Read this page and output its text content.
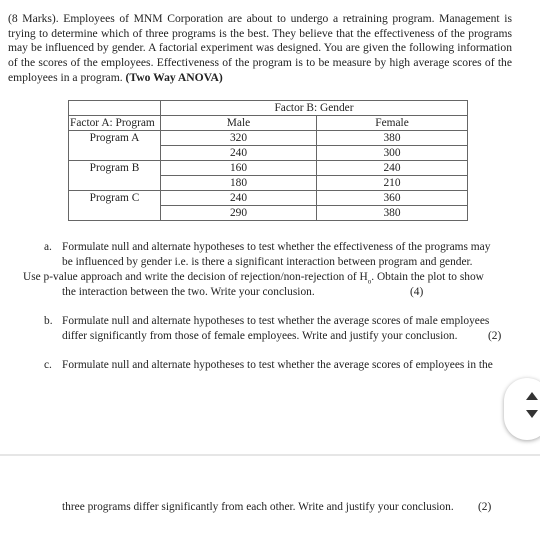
(8 Marks). Employees of MNM Corporation are about to undergo a retraining program. Management is trying to determine which of three programs is the best. They believe that the effectiveness of the programs may be influenced by gender. A factorial experiment was designed. You are given the following information of the scores of the employees. Effectiveness of the program is to be measure by high average scores of the employees in a program. (Two Way ANOVA)
	Factor B: Gender	
Factor A: Program	Male	Female
Program A	320	380
	240	300
Program B	160	240
	180	210
Program C	240	360
	290	380
a. Formulate null and alternate hypotheses to test whether the effectiveness of the programs may
be influenced by gender i.e. is there a significant interaction between program and gender.
Use p-value approach and write the decision of rejection/non-rejection of $H_o$. Obtain the plot to show
the interaction between the two. Write your conclusion.	(4)
b. Formulate null and alternate hypotheses to test whether the average scores of male employees
differ significantly from those of female employees. Write and justify your conclusion.	(2)
c. Formulate null and alternate hypotheses to test whether the average scores of employees in the
three programs differ significantly from each other. Write and justify your conclusion. (2)
